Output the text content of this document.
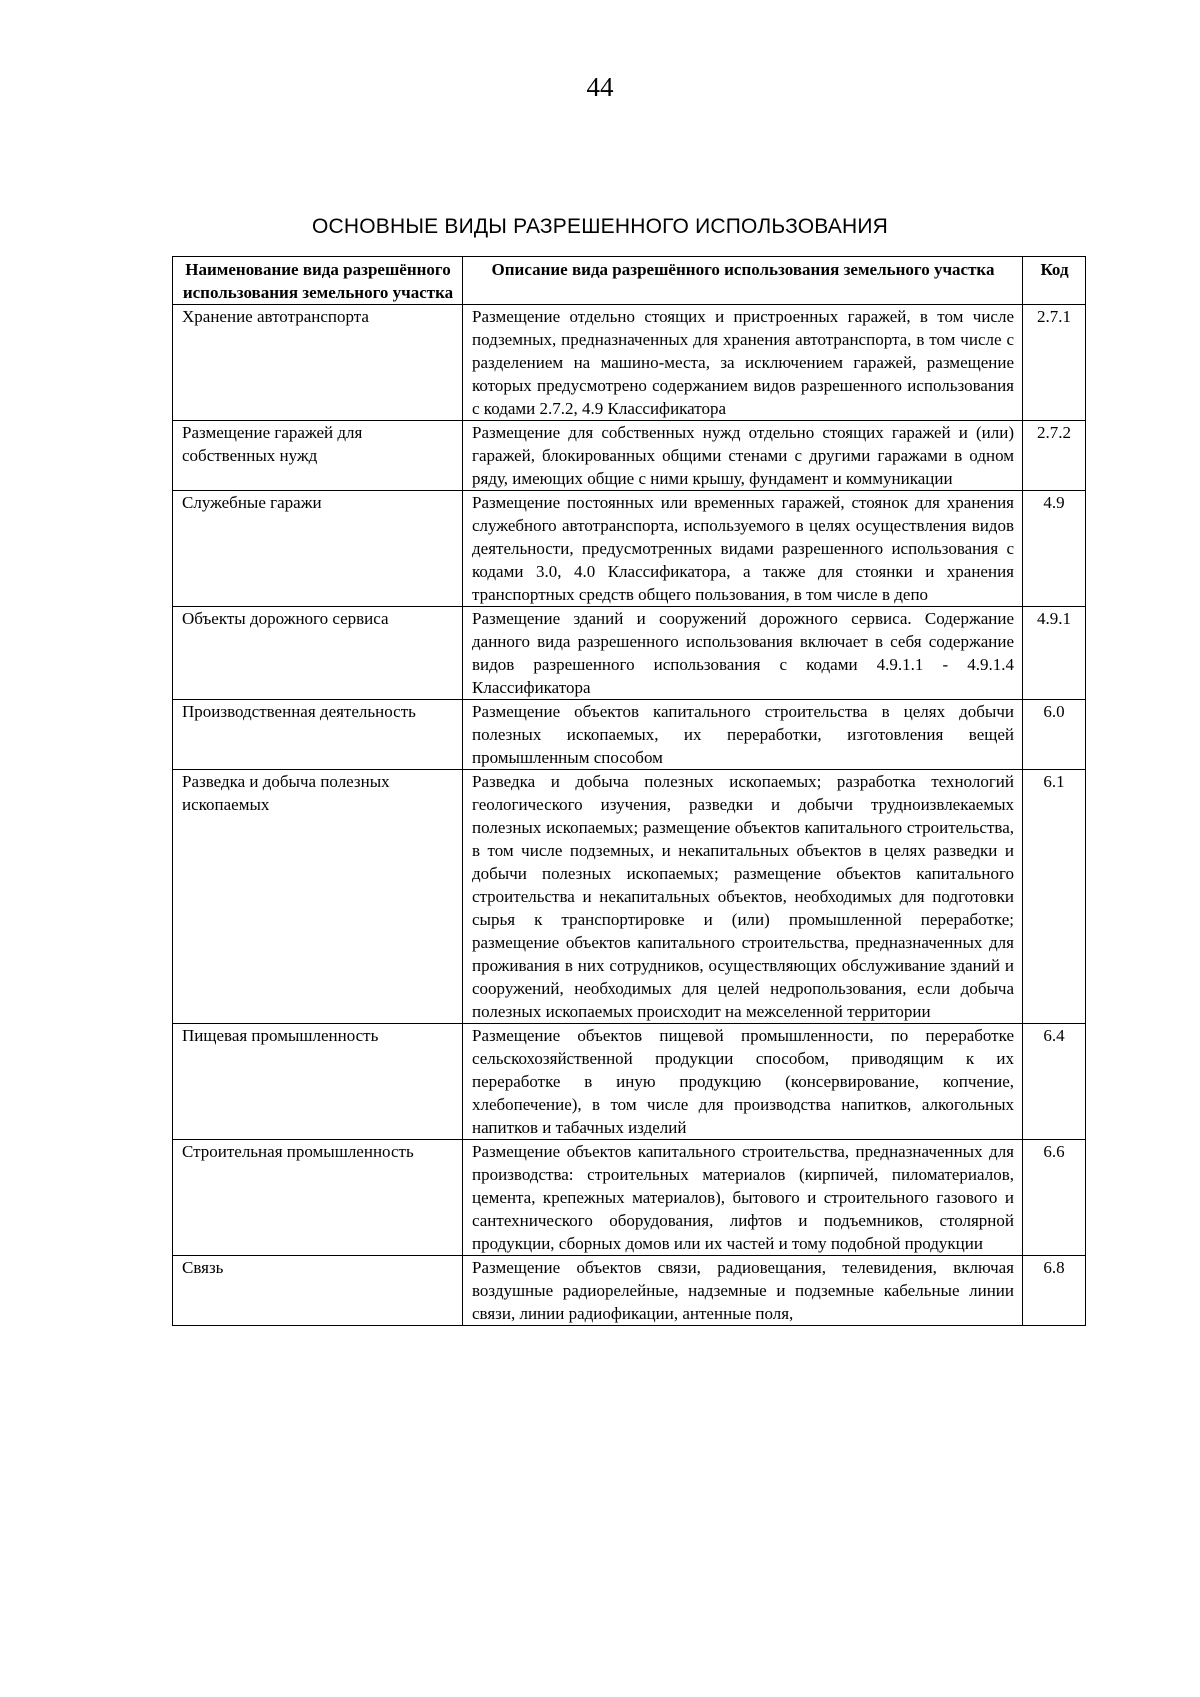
44
ОСНОВНЫЕ ВИДЫ РАЗРЕШЕННОГО ИСПОЛЬЗОВАНИЯ
Наименование вида разрешённого использования земельного участка	Описание вида разрешённого использования земельного участка	Код
Хранение автотранспорта	Размещение отдельно стоящих и пристроенных гаражей, в том числе подземных, предназначенных для хранения автотранспорта, в том числе с разделением на машино-места, за исключением гаражей, размещение которых предусмотрено содержанием видов разрешенного использования с кодами 2.7.2, 4.9 Классификатора	2.7.1
Размещение гаражей для собственных нужд	Размещение для собственных нужд отдельно стоящих гаражей и (или) гаражей, блокированных общими стенами с другими гаражами в одном ряду, имеющих общие с ними крышу, фундамент и коммуникации	2.7.2
Служебные гаражи	Размещение постоянных или временных гаражей, стоянок для хранения служебного автотранспорта, используемого в целях осуществления видов деятельности, предусмотренных видами разрешенного использования с кодами 3.0, 4.0 Классификатора, а также для стоянки и хранения транспортных средств общего пользования, в том числе в депо	4.9
Объекты дорожного сервиса	Размещение зданий и сооружений дорожного сервиса. Содержание данного вида разрешенного использования включает в себя содержание видов разрешенного использования с кодами 4.9.1.1 - 4.9.1.4 Классификатора	4.9.1
Производственная деятельность	Размещение объектов капитального строительства в целях добычи полезных ископаемых, их переработки, изготовления вещей промышленным способом	6.0
Разведка и добыча полезных ископаемых	Разведка и добыча полезных ископаемых; разработка технологий геологического изучения, разведки и добычи трудноизвлекаемых полезных ископаемых; размещение объектов капитального строительства, в том числе подземных, и некапитальных объектов в целях разведки и добычи полезных ископаемых; размещение объектов капитального строительства и некапитальных объектов, необходимых для подготовки сырья к транспортировке и (или) промышленной переработке; размещение объектов капитального строительства, предназначенных для проживания в них сотрудников, осуществляющих обслуживание зданий и сооружений, необходимых для целей недропользования, если добыча полезных ископаемых происходит на межселенной территории	6.1
Пищевая промышленность	Размещение объектов пищевой промышленности, по переработке сельскохозяйственной продукции способом, приводящим к их переработке в иную продукцию (консервирование, копчение, хлебопечение), в том числе для производства напитков, алкогольных напитков и табачных изделий	6.4
Строительная промышленность	Размещение объектов капитального строительства, предназначенных для производства: строительных материалов (кирпичей, пиломатериалов, цемента, крепежных материалов), бытового и строительного газового и сантехнического оборудования, лифтов и подъемников, столярной продукции, сборных домов или их частей и тому подобной продукции	6.6
Связь	Размещение объектов связи, радиовещания, телевидения, включая воздушные радиорелейные, надземные и подземные кабельные линии связи, линии радиофикации, антенные поля,	6.8
